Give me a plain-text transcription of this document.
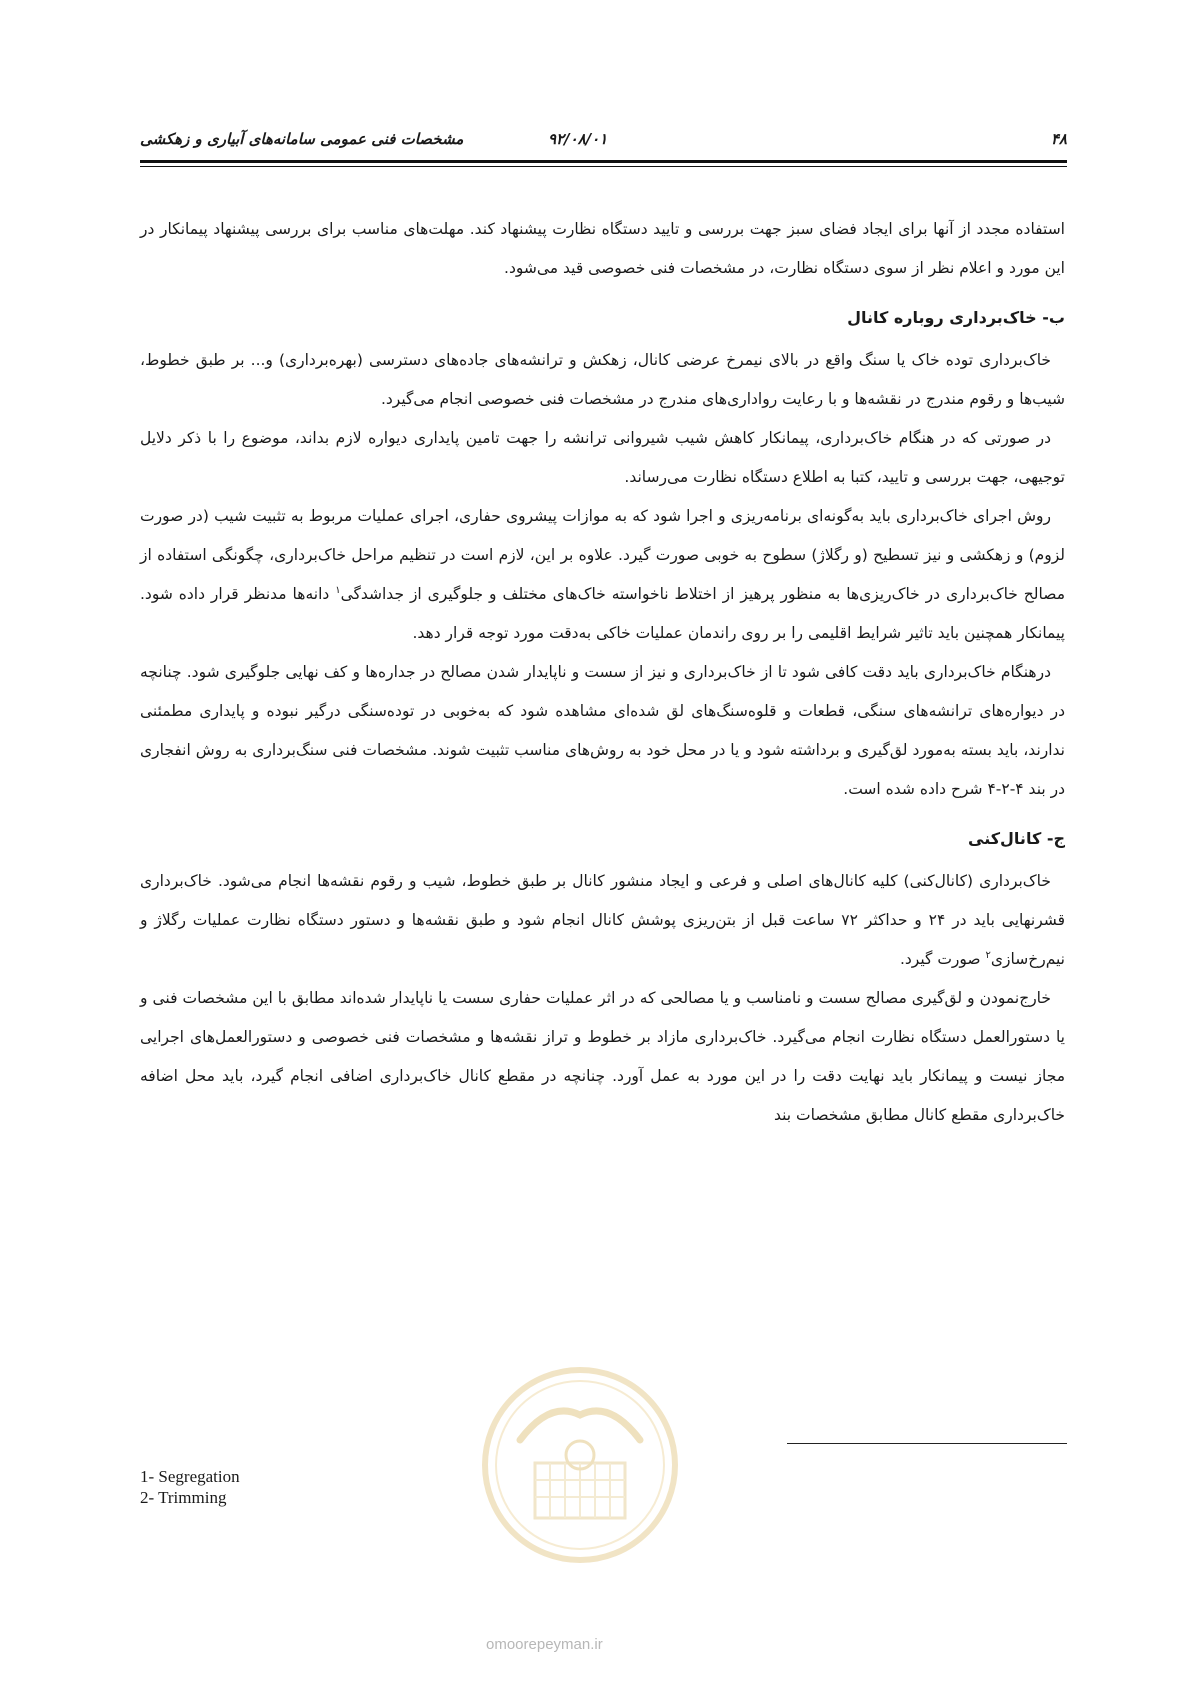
مشخصات فنی عمومی سامانه‌های آبیاری و زهکشی	۹۲/۰۸/۰۱	۴۸

استفاده مجدد از آنها برای ایجاد فضای سبز جهت بررسی و تایید دستگاه نظارت پیشنهاد کند. مهلت‌های مناسب برای بررسی پیشنهاد پیمانکار در این مورد و اعلام نظر از سوی دستگاه نظارت، در مشخصات فنی خصوصی قید می‌شود.

ب- خاک‌برداری روباره کانال

خاک‌برداری توده خاک یا سنگ واقع در بالای نیمرخ عرضی کانال، زهکش و ترانشه‌های جاده‌های دسترسی (بهره‌برداری) و... بر طبق خطوط، شیب‌ها و رقوم مندرج در نقشه‌ها و با رعایت رواداری‌های مندرج در مشخصات فنی خصوصی انجام می‌گیرد.

در صورتی که در هنگام خاک‌برداری، پیمانکار کاهش شیب شیروانی ترانشه را جهت تامین پایداری دیواره لازم بداند، موضوع را با ذکر دلایل توجیهی، جهت بررسی و تایید، کتبا به اطلاع دستگاه نظارت می‌رساند.

روش اجرای خاک‌برداری باید به‌گونه‌ای برنامه‌ریزی و اجرا شود که به موازات پیشروی حفاری، اجرای عملیات مربوط به تثبیت شیب (در صورت لزوم) و زهکشی و نیز تسطیح (و رگلاژ) سطوح به خوبی صورت گیرد. علاوه بر این، لازم است در تنظیم مراحل خاک‌برداری، چگونگی استفاده از مصالح خاک‌برداری در خاک‌ریزی‌ها به منظور پرهیز از اختلاط ناخواسته خاک‌های مختلف و جلوگیری از جداشدگی$^۱$ دانه‌ها مدنظر قرار داده شود. پیمانکار همچنین باید تاثیر شرایط اقلیمی را بر روی راندمان عملیات خاکی به‌دقت مورد توجه قرار دهد.

درهنگام خاک‌برداری باید دقت کافی شود تا از خاک‌برداری و نیز از سست و ناپایدار شدن مصالح در جداره‌ها و کف نهایی جلوگیری شود. چنانچه در دیواره‌های ترانشه‌های سنگی، قطعات و قلوه‌سنگ‌های لق شده‌ای مشاهده شود که به‌خوبی در توده‌سنگی درگیر نبوده و پایداری مطمئنی ندارند، باید بسته به‌مورد لق‌گیری و برداشته شود و یا در محل خود به روش‌های مناسب تثبیت شوند. مشخصات فنی سنگ‌برداری به روش انفجاری در بند ۴-۲-۴ شرح داده شده است.

ج- کانال‌کنی

خاک‌برداری (کانال‌کنی) کلیه کانال‌های اصلی و فرعی و ایجاد منشور کانال بر طبق خطوط، شیب و رقوم نقشه‌ها انجام می‌شود. خاک‌برداری قشرنهایی باید در ۲۴ و حداکثر ۷۲ ساعت قبل از بتن‌ریزی پوشش کانال انجام شود و طبق نقشه‌ها و دستور دستگاه نظارت عملیات رگلاژ و نیم‌رخ‌سازی$^۲$ صورت گیرد.

خارج‌نمودن و لق‌گیری مصالح سست و نامناسب و یا مصالحی که در اثر عملیات حفاری سست یا ناپایدار شده‌اند مطابق با این مشخصات فنی و یا دستورالعمل دستگاه نظارت انجام می‌گیرد. خاک‌برداری مازاد بر خطوط و تراز نقشه‌ها و مشخصات فنی خصوصی و دستورالعمل‌های اجرایی مجاز نیست و پیمانکار باید نهایت دقت را در این مورد به عمل آورد. چنانچه در مقطع کانال خاک‌برداری اضافی انجام گیرد، باید محل اضافه خاک‌برداری مقطع کانال مطابق مشخصات بند

1- Segregation
2- Trimming
omoorepeyman.ir
